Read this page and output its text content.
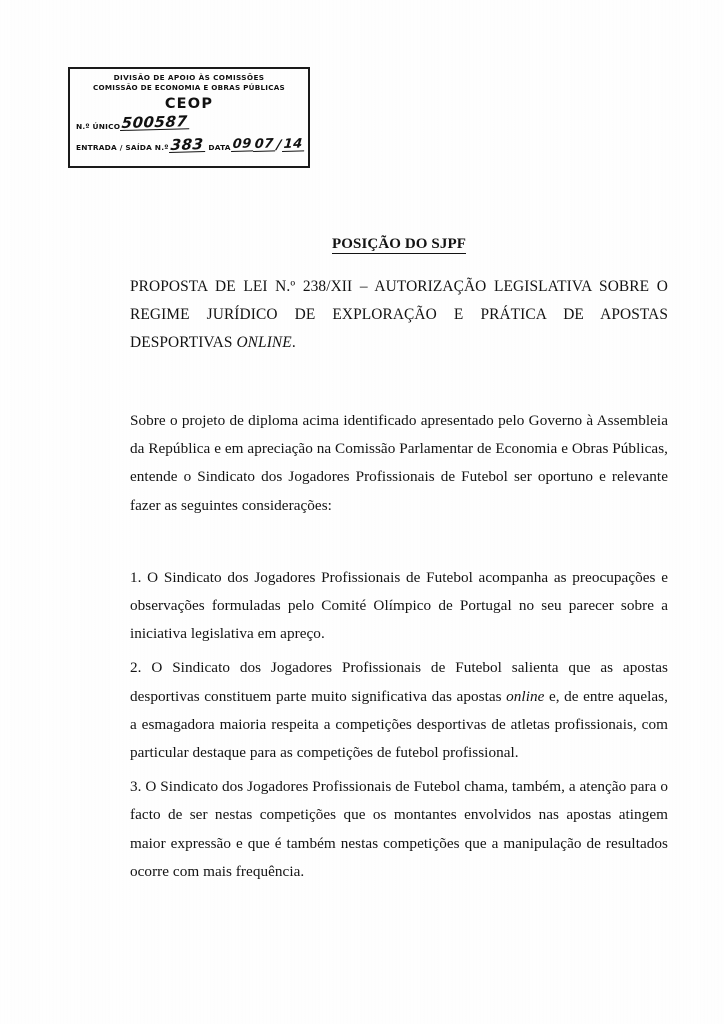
DIVISÃO DE APOIO ÀS COMISSÕES
COMISSÃO DE ECONOMIA E OBRAS PÚBLICAS
CEOP
N.º ÚNICO 500587
ENTRADA / SAÍDA N.º 383 DATA 09 07 / 14
POSIÇÃO DO SJPF
PROPOSTA DE LEI N.º 238/XII – AUTORIZAÇÃO LEGISLATIVA SOBRE O REGIME JURÍDICO DE EXPLORAÇÃO E PRÁTICA DE APOSTAS DESPORTIVAS ONLINE.

Sobre o projeto de diploma acima identificado apresentado pelo Governo à Assembleia da República e em apreciação na Comissão Parlamentar de Economia e Obras Públicas, entende o Sindicato dos Jogadores Profissionais de Futebol ser oportuno e relevante fazer as seguintes considerações:

1. O Sindicato dos Jogadores Profissionais de Futebol acompanha as preocupações e observações formuladas pelo Comité Olímpico de Portugal no seu parecer sobre a iniciativa legislativa em apreço.

2. O Sindicato dos Jogadores Profissionais de Futebol salienta que as apostas desportivas constituem parte muito significativa das apostas online e, de entre aquelas, a esmagadora maioria respeita a competições desportivas de atletas profissionais, com particular destaque para as competições de futebol profissional.

3. O Sindicato dos Jogadores Profissionais de Futebol chama, também, a atenção para o facto de ser nestas competições que os montantes envolvidos nas apostas atingem maior expressão e que é também nestas competições que a manipulação de resultados ocorre com mais frequência.
